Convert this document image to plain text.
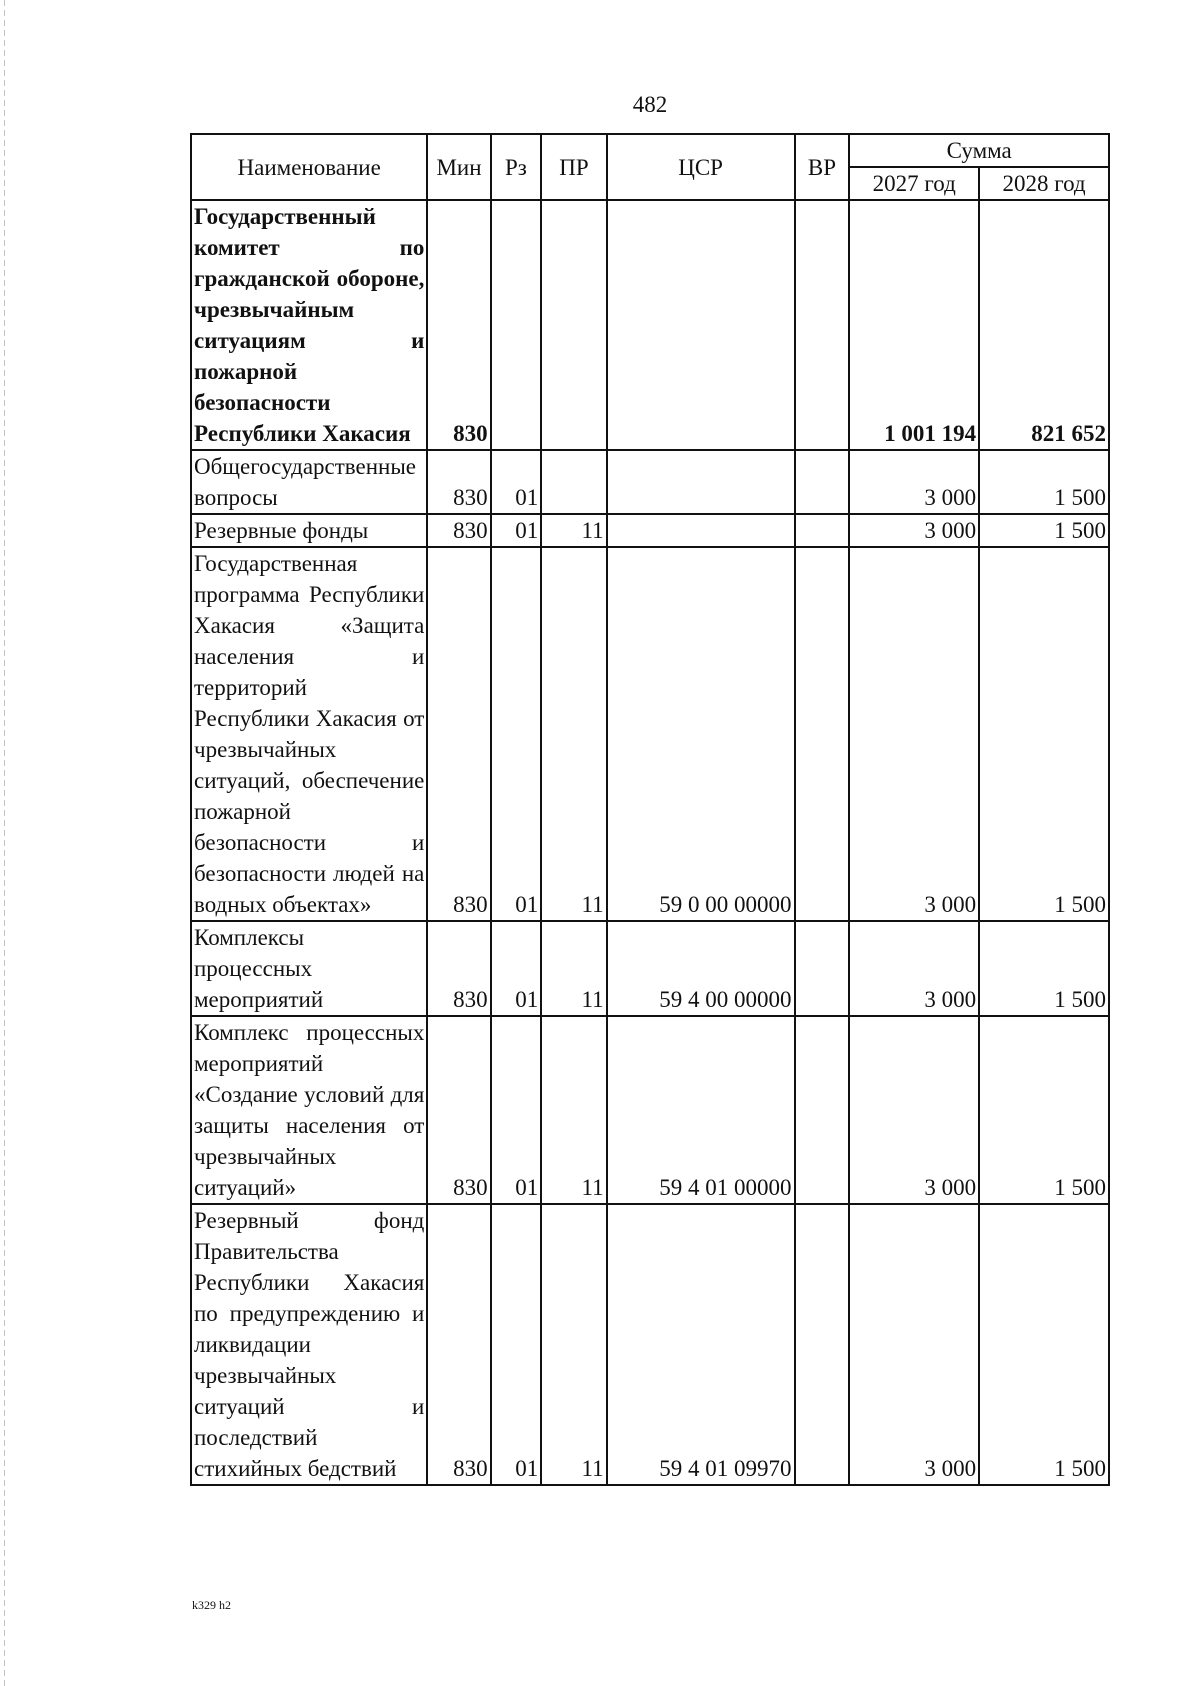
482
Наименование	Мин	Рз	ПР	ЦСР	ВР	Сумма	
						2027 год	2028 год
Государственный комитет по гражданской обороне, чрезвычайным ситуациям и пожарной безопасности Республики Хакасия	830					1 001 194	821 652
Общегосударственные вопросы	830	01				3 000	1 500
Резервные фонды	830	01	11			3 000	1 500
Государственная программа Республики Хакасия «Защита населения и территорий Республики Хакасия от чрезвычайных ситуаций, обеспечение пожарной безопасности и безопасности людей на водных объектах»	830	01	11	59 0 00 00000		3 000	1 500
Комплексы процессных мероприятий	830	01	11	59 4 00 00000		3 000	1 500
Комплекс процессных мероприятий «Создание условий для защиты населения от чрезвычайных ситуаций»	830	01	11	59 4 01 00000		3 000	1 500
Резервный фонд Правительства Республики Хакасия по предупреждению и ликвидации чрезвычайных ситуаций и последствий стихийных бедствий	830	01	11	59 4 01 09970		3 000	1 500
k329 h2
